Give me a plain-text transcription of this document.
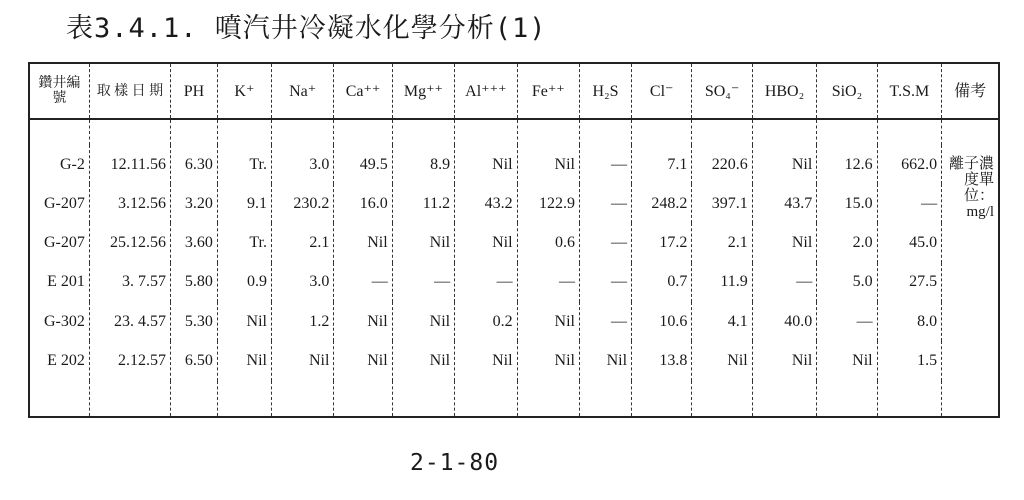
表3.4.1. 噴汽井冷凝水化學分析(1)
鑽井編號	取 樣 日 期	PH	K⁺	Na⁺	Ca⁺⁺	Mg⁺⁺	Al⁺⁺⁺	Fe⁺⁺	H₂S	Cl⁻	SO₄⁻	HBO₂	SiO₂	T.S.M	備考

G-2	12.11.56	6.30	Tr.	3.0	49.5	8.9	Nil	Nil	—	7.1	220.6	Nil	12.6	662.0	離子濃度單位：mg/l
G-207	3.12.56	3.20	9.1	230.2	16.0	11.2	43.2	122.9	—	248.2	397.1	43.7	15.0	—	
G-207	25.12.56	3.60	Tr.	2.1	Nil	Nil	Nil	0.6	—	17.2	2.1	Nil	2.0	45.0	
E 201	3. 7.57	5.80	0.9	3.0	—	—	—	—	—	0.7	11.9	—	5.0	27.5	
G-302	23. 4.57	5.30	Nil	1.2	Nil	Nil	0.2	Nil	—	10.6	4.1	40.0	—	8.0	
E 202	2.12.57	6.50	Nil	Nil	Nil	Nil	Nil	Nil	Nil	13.8	Nil	Nil	Nil	1.5	

2-1-80
